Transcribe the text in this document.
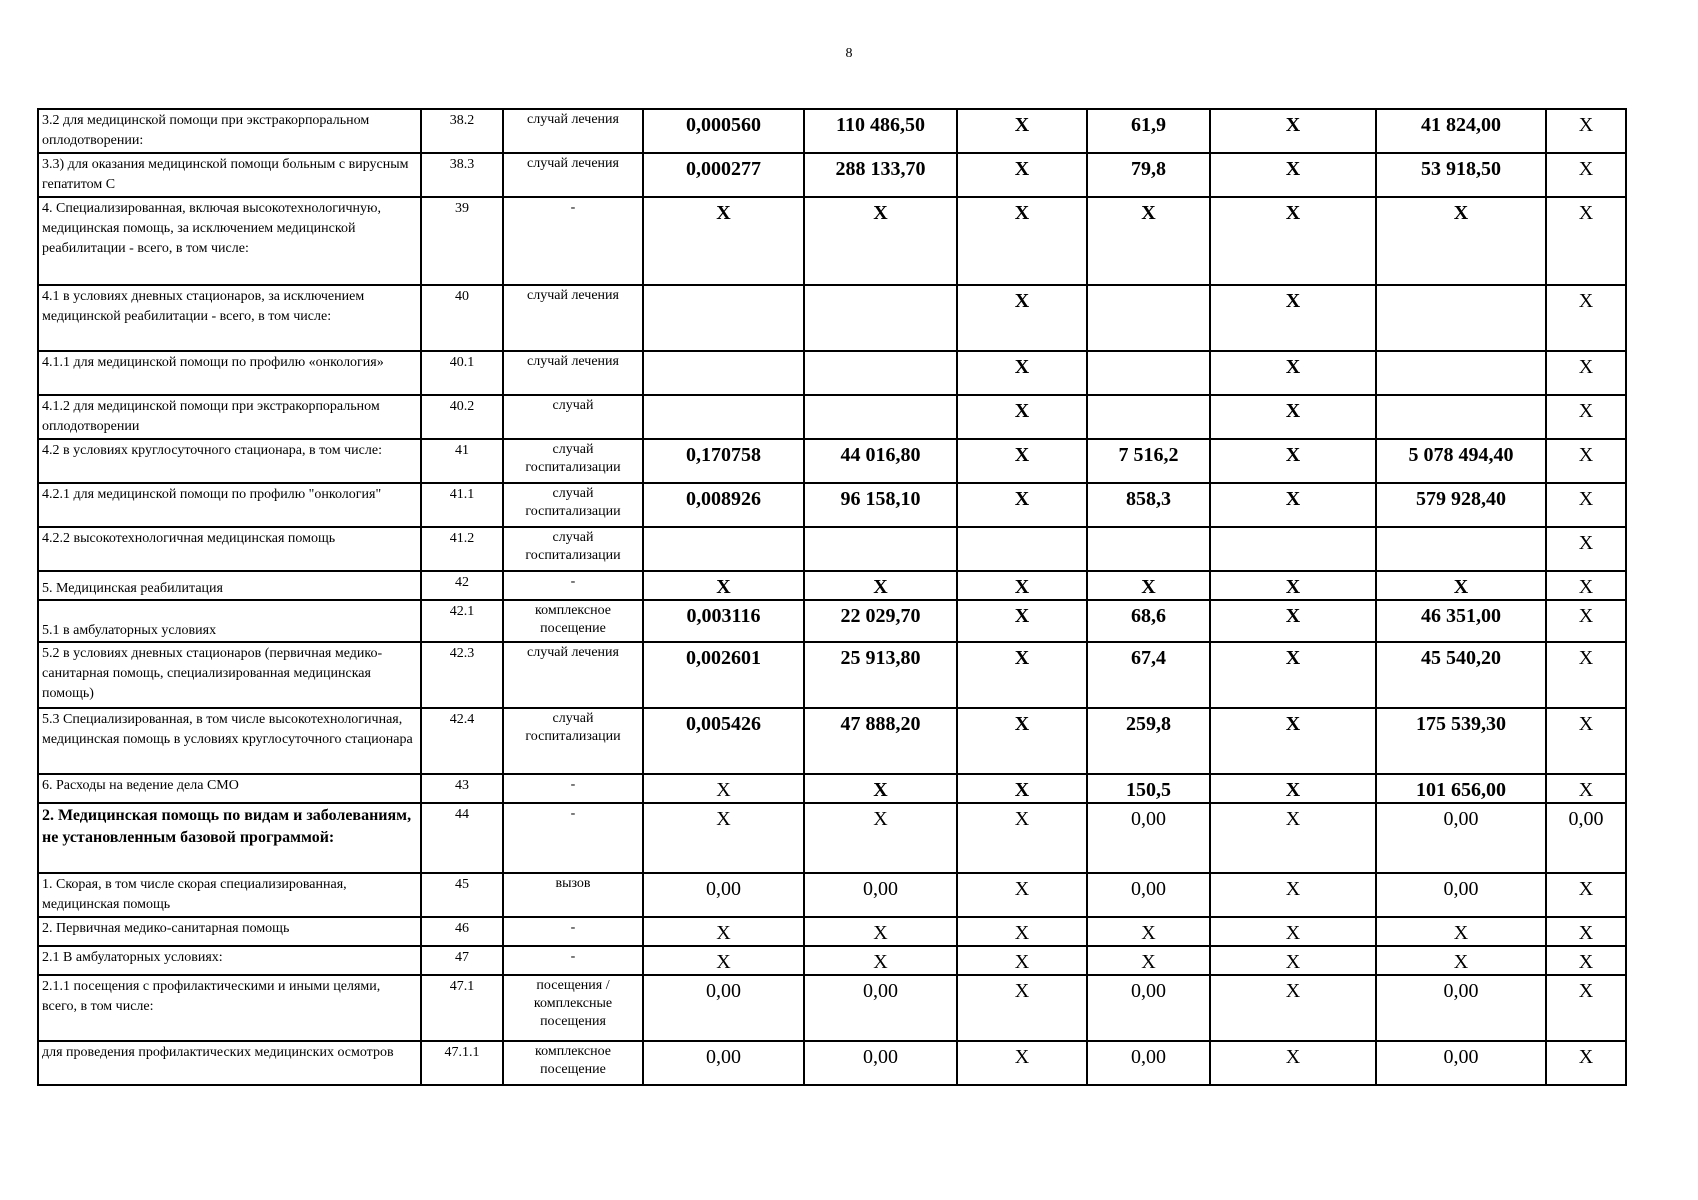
8
3.2 для медицинской помощи при экстракорпоральном оплодотворении:	38.2	случай лечения	0,000560	110 486,50	X	61,9	X	41 824,00	X
3.3) для оказания медицинской помощи больным с вирусным гепатитом С	38.3	случай лечения	0,000277	288 133,70	X	79,8	X	53 918,50	X
4. Специализированная, включая высокотехнологичную, медицинская помощь, за исключением медицинской реабилитации - всего, в том числе:	39	-	X	X	X	X	X	X	X
4.1 в условиях дневных стационаров, за исключением медицинской реабилитации - всего, в том числе:	40	случай лечения			X		X		X
4.1.1 для медицинской помощи по профилю «онкология»	40.1	случай лечения			X		X		X
4.1.2 для медицинской помощи при экстракорпоральном оплодотворении	40.2	случай			X		X		X
4.2 в условиях круглосуточного стационара, в том числе:	41	случай госпитализации	0,170758	44 016,80	X	7 516,2	X	5 078 494,40	X
4.2.1 для медицинской помощи по профилю "онкология"	41.1	случай госпитализации	0,008926	96 158,10	X	858,3	X	579 928,40	X
4.2.2 высокотехнологичная медицинская помощь	41.2	случай госпитализации							X
5. Медицинская реабилитация	42	-	X	X	X	X	X	X	X
5.1 в амбулаторных условиях	42.1	комплексное посещение	0,003116	22 029,70	X	68,6	X	46 351,00	X
5.2 в условиях дневных стационаров (первичная медико-санитарная помощь, специализированная медицинская помощь)	42.3	случай лечения	0,002601	25 913,80	X	67,4	X	45 540,20	X
5.3 Специализированная, в том числе высокотехнологичная, медицинская помощь в условиях круглосуточного стационара	42.4	случай госпитализации	0,005426	47 888,20	X	259,8	X	175 539,30	X
6. Расходы на ведение дела СМО	43	-	X	X	X	150,5	X	101 656,00	X
2. Медицинская помощь по видам и заболеваниям, не установленным базовой программой:	44	-	X	X	X	0,00	X	0,00	0,00
1. Скорая, в том числе скорая специализированная, медицинская помощь	45	вызов	0,00	0,00	X	0,00	X	0,00	X
2. Первичная медико-санитарная помощь	46	-	X	X	X	X	X	X	X
2.1 В амбулаторных условиях:	47	-	X	X	X	X	X	X	X
2.1.1 посещения с профилактическими и иными целями, всего, в том числе:	47.1	посещения / комплексные посещения	0,00	0,00	X	0,00	X	0,00	X
для проведения профилактических медицинских осмотров	47.1.1	комплексное посещение	0,00	0,00	X	0,00	X	0,00	X
